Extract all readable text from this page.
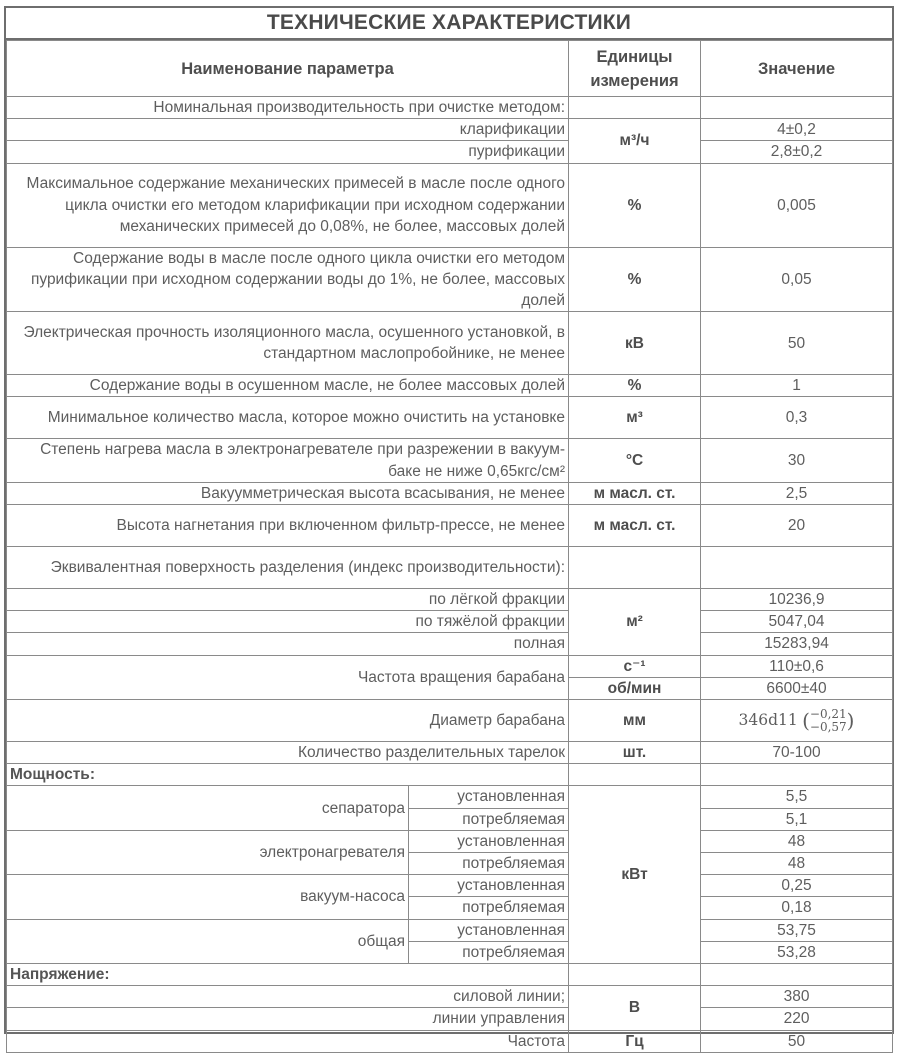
ТЕХНИЧЕСКИЕ ХАРАКТЕРИСТИКИ
Наименование параметра		Единицы измерения	Значение
Номинальная производительность при очистке методом:			
кларификации		м³/ч	4±0,2
пурификации			2,8±0,2
Максимальное содержание механических примесей в масле после одного цикла очистки его методом кларификации при исходном содержании механических примесей до 0,08%, не более, массовых долей		%	0,005
Содержание воды в масле после одного цикла очистки его методом пурификации при исходном содержании воды до 1%, не более, массовых долей		%	0,05
Электрическая прочность изоляционного масла, осушенного установкой, в стандартном маслопробойнике, не менее		кВ	50
Содержание воды в осушенном масле, не более массовых долей		%	1
Минимальное количество масла, которое можно очистить на установке		м³	0,3
Степень нагрева масла в электронагревателе при разрежении в вакуум-баке не ниже 0,65кгс/см²		°С	30
Вакуумметрическая высота всасывания, не менее		м масл. ст.	2,5
Высота нагнетания при включенном фильтр-прессе, не менее		м масл. ст.	20
Эквивалентная поверхность разделения (индекс производительности):			
по лёгкой фракции		м²	10236,9
по тяжёлой фракции			5047,04
полная			15283,94
Частота вращения барабана		с⁻¹	110±0,6
		об/мин	6600±40
Диаметр барабана		мм	346d11 ( −0,21
−0,57 )
Количество разделительных тарелок		шт.	70-100
Мощность:			
сепаратора	установленная	кВт	5,5
	потребляемая		5,1
электронагревателя	установленная		48
	потребляемая		48
вакуум-насоса	установленная		0,25
	потребляемая		0,18
общая	установленная		53,75
	потребляемая		53,28
Напряжение:			
силовой линии;		В	380
линии управления			220
Частота		Гц	50
